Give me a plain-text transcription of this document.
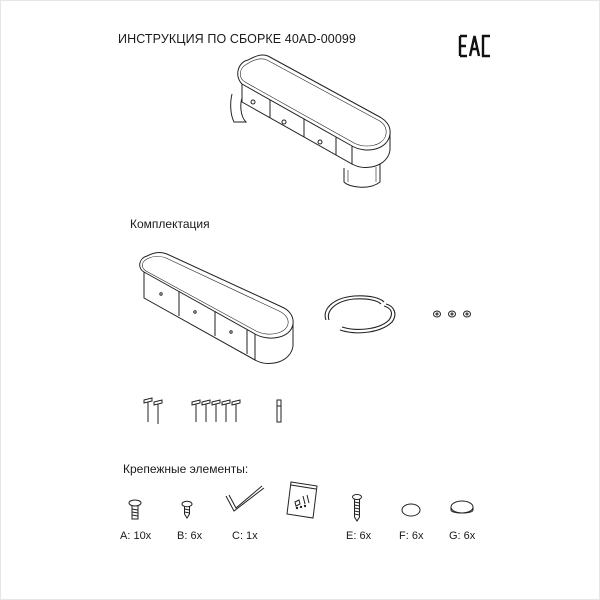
ИНСТРУКЦИЯ ПО СБОРКЕ 40AD-00099
Комплектация
Крепежные элементы:
A: 10x B: 6x	C: 1x	E: 6x	F: 6x G: 6x
